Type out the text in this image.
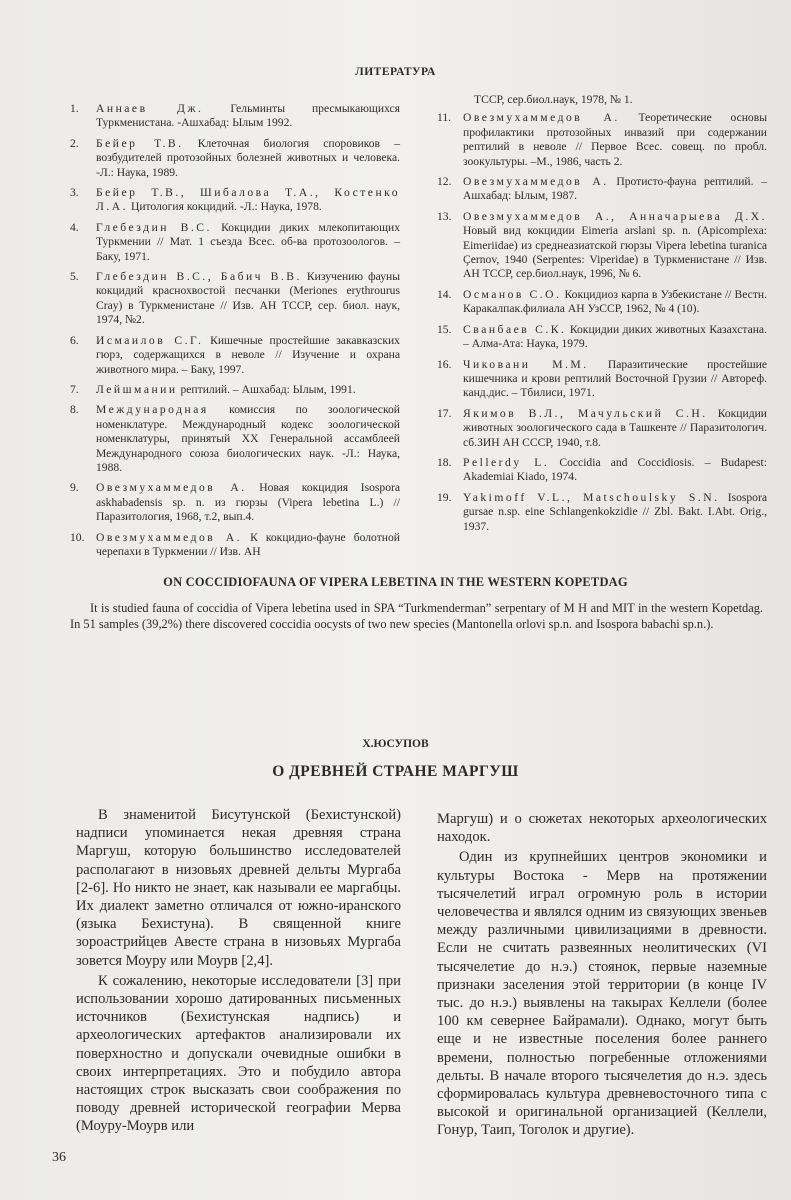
ЛИТЕРАТУРА
1.	Аннаев Дж. Гельминты пресмыкающихся Туркменистана. -Ашхабад: Ылым 1992.
2.	Бейер Т.В. Клеточная биология споровиков – возбудителей протозойных болезней животных и человека. -Л.: Наука, 1989.
3.	Бейер Т.В., Шибалова Т.А., Костенко Л.А. Цитология кокцидий. -Л.: Наука, 1978.
4.	Глебездин В.С. Кокцидии диких млекопитающих Туркмении // Мат. 1 съезда Всес. об-ва протозоологов. – Баку, 1971.
5.	Глебездин В.С., Бабич В.В. Кизучению фауны кокцидий краснохвостой песчанки (Meriones erythrourus Cray) в Туркменистане // Изв. АН ТССР, сер. биол. наук, 1974, №2.
6.	Исмаилов С.Г. Кишечные простейшие закавказских гюрз, содержащихся в неволе // Изучение и охрана животного мира. – Баку, 1997.
7.	Лейшмании рептилий. – Ашхабад: Ылым, 1991.
8.	Международная комиссия по зоологической номенклатуре. Международный кодекс зоологической номенклатуры, принятый ХХ Генеральной ассамблеей Международного союза биологических наук. -Л.: Наука, 1988.
9.	Овезмухаммедов А. Новая кокцидия Isospora askhabadensis sp. n. из гюрзы (Vipera lebetina L.) // Паразитология, 1968, т.2, вып.4.
10. Овезмухаммедов А. К кокцидио-фауне болотной черепахи в Туркмении // Изв. АН
ТССР, сер.биол.наук, 1978, № 1.
11.	Овезмухаммедов А. Теоретические основы профилактики протозойных инвазий при содержании рептилий в неволе // Первое Всес. совещ. по пробл. зоокультуры. –М., 1986, часть 2.
12. Овезмухаммедов А. Протисто-фауна рептилий. – Ашхабад: Ылым, 1987.
13. Овезмухаммедов А., Анначарыева Д.Х. Новый вид кокцидии Eimeria arslani sp. n. (Apicomplexa: Eimeriidae) из среднеазиатской гюрзы Vipera lebetina turanica Çernov, 1940 (Serpentes: Viperidae) в Туркменистане // Изв. АН ТССР, сер.биол.наук, 1996, № 6.
14. Османов С.О. Кокцидиоз карпа в Узбекистане // Вестн. Каракалпак.филиала АН УзССР, 1962, № 4 (10).
15. Свaнбаев С.К. Кокцидии диких животных Казахстана. – Алма-Ата: Наука, 1979.
16. Чиковани М.М. Паразитические простейшие кишечника и крови рептилий Восточной Грузии // Автореф. канд.дис. – Тбилиси, 1971.
17. Якимов В.Л., Мачульский С.Н. Кокцидии животных зоологического сада в Ташкенте // Паразитологич. сб.ЗИН АН СССР, 1940, т.8.
18. Pellerdy L. Coccidia and Coccidiosis. – Budapest: Akademiai Kiado, 1974.
19. Yakimoff V.L., Matschoulsky S.N. Isospora gursae n.sp. eine Schlangenkokzidie // Zbl. Bakt. I.Abt. Orig., 1937.
ON COCCIDIOFAUNA OF VIPERA LEBETINA IN THE WESTERN KOPETDAG
It is studied fauna of coccidia of Vipera lebetina used in SPA “Turkmenderman” serpentary of M H and MIT in the western Kopetdag. In 51 samples (39,2%) there discovered coccidia oocysts of two new species (Mantonella orlovi sp.n. and Isospora babachi sp.n.).
Х.ЮСУПОВ
О ДРЕВНЕЙ СТРАНЕ МАРГУШ

В знаменитой Бисутунской (Бехистунской) надписи упоминается некая древняя страна Маргуш, которую большинство исследователей располагают в низовьях древней дельты Мургаба [2-6]. Но никто не знает, как называли ее маргабцы. Их диалект заметно отличался от южно-иранского (языка Бехистуна). В священной книге зороастрийцев Авесте страна в низовьях Мургаба зовется Моуру или Моурв [2,4].

К сожалению, некоторые исследователи [3] при использовании хорошо датированных письменных источников (Бехистунская надпись) и археологических артефактов анализировали их поверхностно и допускали очевидные ошибки в своих интерпретациях. Это и побудило автора настоящих строк высказать свои соображения по поводу древней исторической географии Мерва (Моуру-Моурв или

Маргуш) и о сюжетах некоторых археологических находок.

Один из крупнейших центров экономики и культуры Востока - Мерв на протяжении тысячелетий играл огромную роль в истории человечества и являлся одним из связующих звеньев между различными цивилизациями в древности. Если не считать развеянных неолитических (VI тысячелетие до н.э.) стоянок, первые наземные признаки заселения этой территории (в конце IV тыс. до н.э.) выявлены на такырах Келлели (более 100 км севернее Байрамали). Однако, могут быть еще и не известные поселения более раннего времени, полностью погребенные отложениями дельты. В начале второго тысячелетия до н.э. здесь сформировалась культура древневосточного типа с высокой и оригинальной организацией (Келлели, Гонур, Таип, Тоголок и другие).

36
